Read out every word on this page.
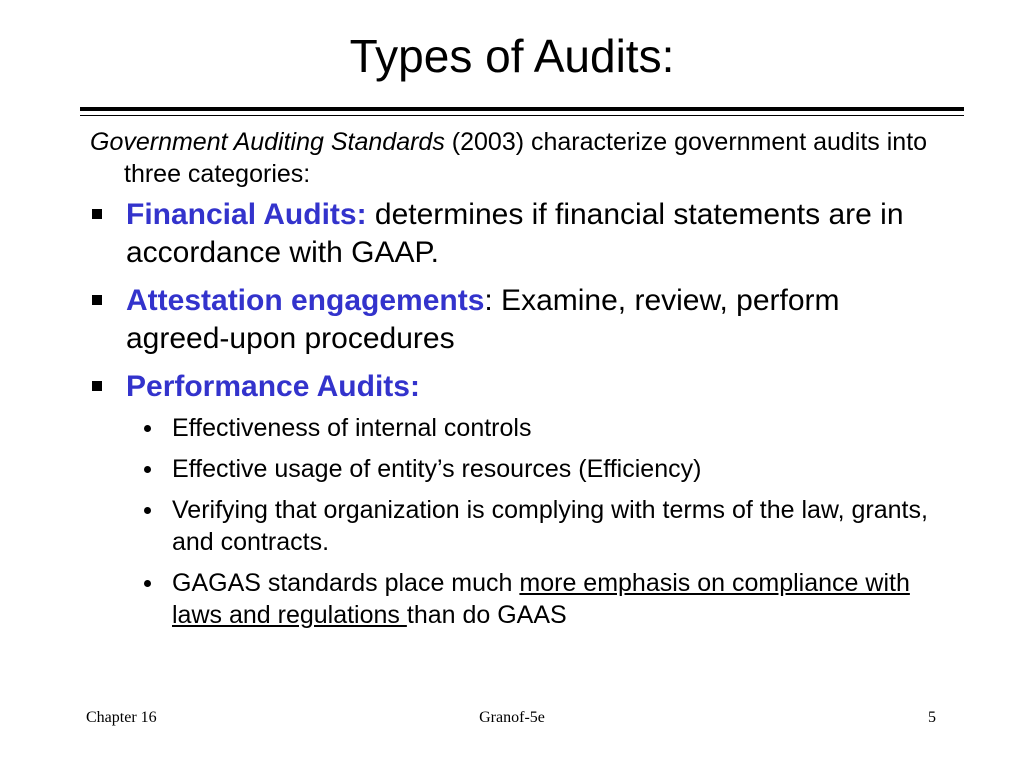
Types of Audits:

Government Auditing Standards (2003) characterize government audits into three categories:

Financial Audits: determines if financial statements are in accordance with GAAP.
Attestation engagements: Examine, review, perform agreed-upon procedures
Performance Audits:
Effectiveness of internal controls
Effective usage of entity’s resources (Efficiency)
Verifying that organization is complying with terms of the law, grants, and contracts.
GAGAS standards place much more emphasis on compliance with laws and regulations than do GAAS
Chapter 16	Granof-5e	5
